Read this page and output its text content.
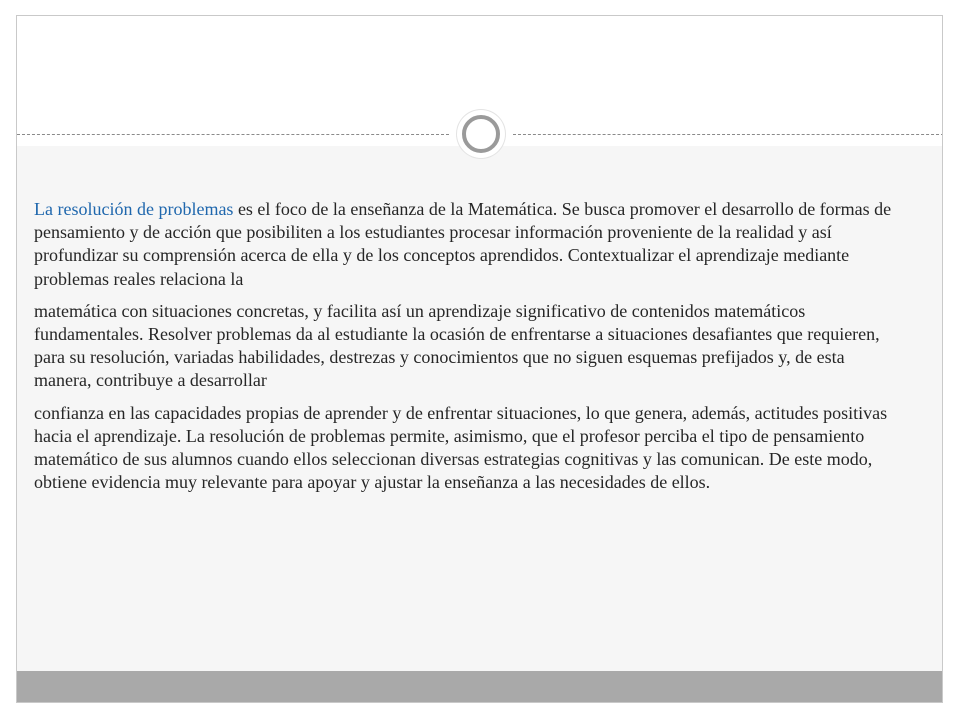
La resolución de problemas es el foco de la enseñanza de la Matemática. Se busca promover el desarrollo de formas de pensamiento y de acción que posibiliten a los estudiantes procesar información proveniente de la realidad y así profundizar su comprensión acerca de ella y de los conceptos aprendidos. Contextualizar el aprendizaje mediante problemas reales relaciona la

matemática con situaciones concretas, y facilita así un aprendizaje significativo de contenidos matemáticos fundamentales. Resolver problemas da al estudiante la ocasión de enfrentarse a situaciones desafiantes que requieren, para su resolución, variadas habilidades, destrezas y conocimientos que no siguen esquemas prefijados y, de esta manera, contribuye a desarrollar

confianza en las capacidades propias de aprender y de enfrentar situaciones, lo que genera, además, actitudes positivas hacia el aprendizaje. La resolución de problemas permite, asimismo, que el profesor perciba el tipo de pensamiento matemático de sus alumnos cuando ellos seleccionan diversas estrategias cognitivas y las comunican. De este modo, obtiene evidencia muy relevante para apoyar y ajustar la enseñanza a las necesidades de ellos.
